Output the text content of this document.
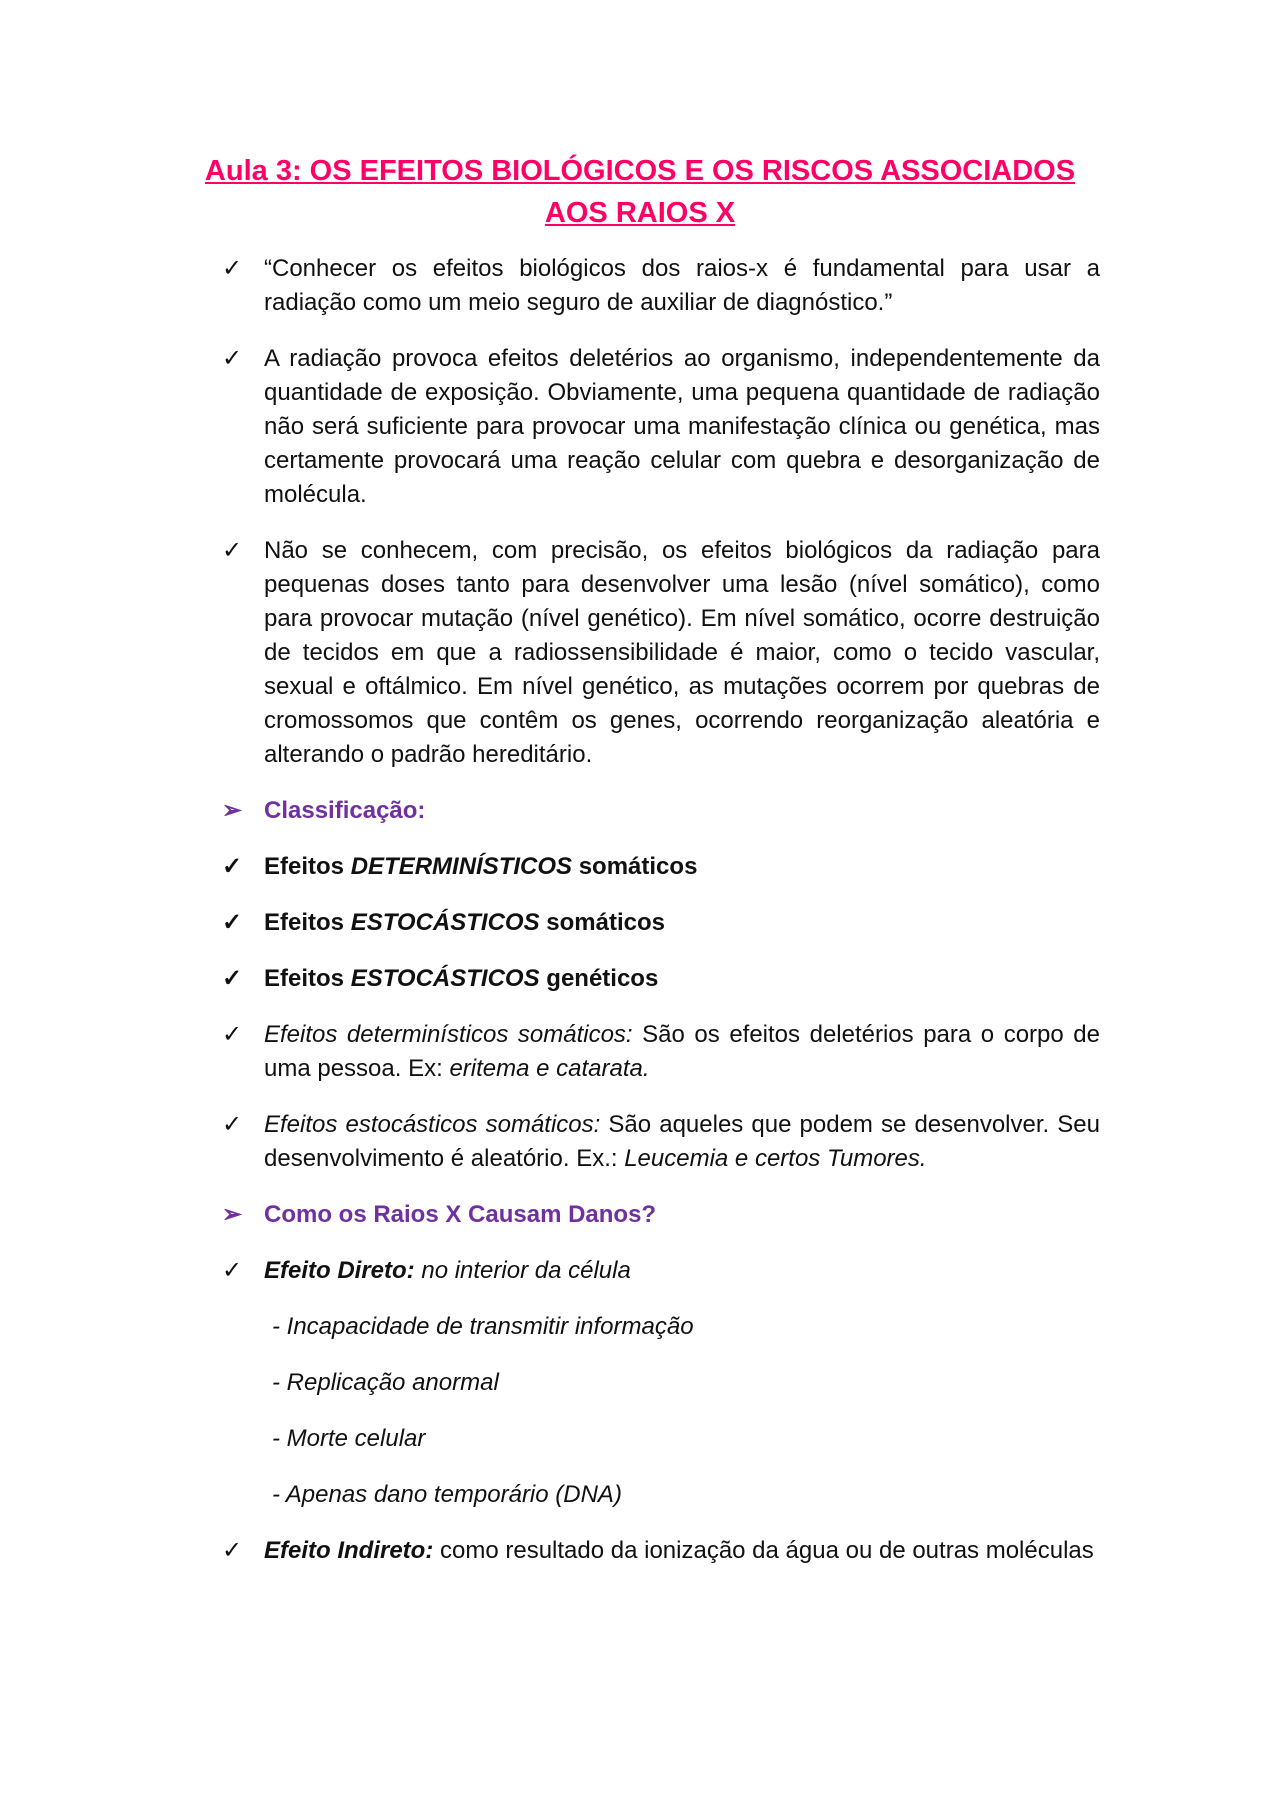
Aula 3: OS EFEITOS BIOLÓGICOS E OS RISCOS ASSOCIADOS
AOS RAIOS X
✓ “Conhecer os efeitos biológicos dos raios-x é fundamental para usar a radiação como um meio seguro de auxiliar de diagnóstico.”
✓ A radiação provoca efeitos deletérios ao organismo, independentemente da quantidade de exposição. Obviamente, uma pequena quantidade de radiação não será suficiente para provocar uma manifestação clínica ou genética, mas certamente provocará uma reação celular com quebra e desorganização de molécula.
✓ Não se conhecem, com precisão, os efeitos biológicos da radiação para pequenas doses tanto para desenvolver uma lesão (nível somático), como para provocar mutação (nível genético). Em nível somático, ocorre destruição de tecidos em que a radiossensibilidade é maior, como o tecido vascular, sexual e oftálmico. Em nível genético, as mutações ocorrem por quebras de cromossomos que contêm os genes, ocorrendo reorganização aleatória e alterando o padrão hereditário.
➢ Classificação:
✓ Efeitos DETERMINÍSTICOS somáticos
✓ Efeitos ESTOCÁSTICOS somáticos
✓ Efeitos ESTOCÁSTICOS genéticos
✓ Efeitos determinísticos somáticos: São os efeitos deletérios para o corpo de uma pessoa. Ex: eritema e catarata.
✓ Efeitos estocásticos somáticos: São aqueles que podem se desenvolver. Seu desenvolvimento é aleatório. Ex.: Leucemia e certos Tumores.
➢ Como os Raios X Causam Danos?
✓ Efeito Direto: no interior da célula
- Incapacidade de transmitir informação
- Replicação anormal
- Morte celular
- Apenas dano temporário (DNA)
✓ Efeito Indireto: como resultado da ionização da água ou de outras moléculas
